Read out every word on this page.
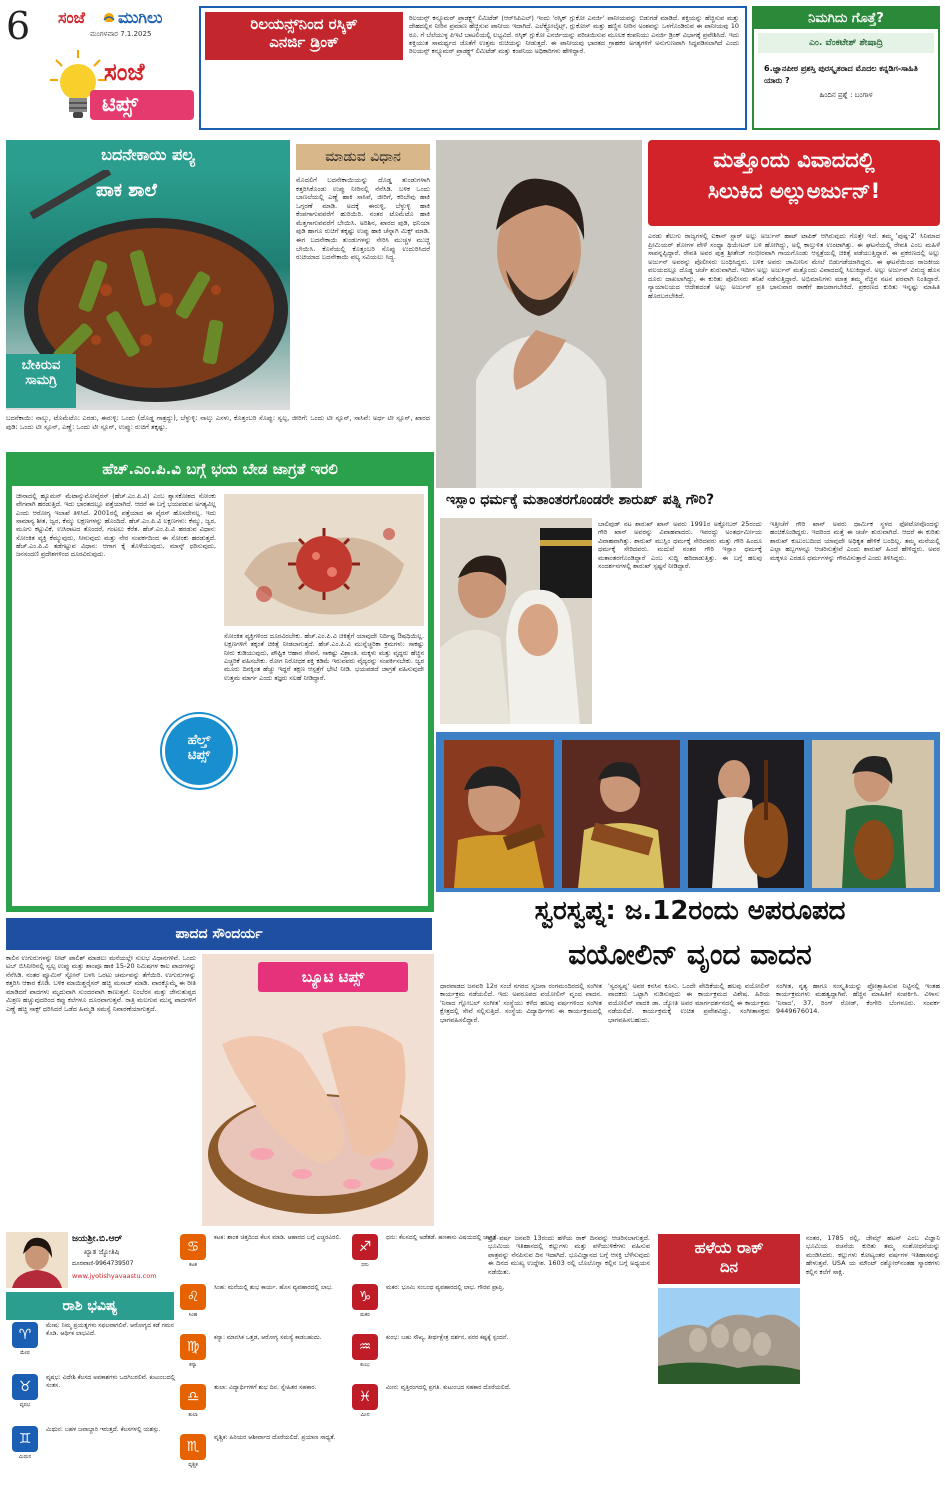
6 ಸಂಜೆ ಮುಗಿಲು
ಮಂಗಳವಾರ 7.1.2025
ಸಂಜೆ
ಟಿಪ್ಸ್
ರಿಲಯನ್ಸ್‌ನಿಂದ ರಸ್ಕಿಕ್
ಎನರ್ಜಿ ಡ್ರಿಂಕ್
ರಿಲಯನ್ಸ್ ಕನ್ಸ್ಯೂಮರ್ ಪ್ರಾಡಕ್ಟ್ಸ್ ಲಿಮಿಟೆಡ್ (ಆರ್‌ಸಿಪಿಎಲ್) ಇಂದು 'ರಸ್ಕಿಕ್ ಗ್ಲುಕೋ ಎನರ್ಜಿ' ಪಾನೀಯವನ್ನು ಬಿಡುಗಡೆ ಮಾಡಿದೆ. ಶಕ್ತಿಯನ್ನು ಹೆಚ್ಚಿಸುವ ಮತ್ತು ದೇಹದಲ್ಲಿನ ನೀರಿನ ಪ್ರಮಾಣ ಹೆಚ್ಚಿಸುವ ಪಾನೀಯ ಇದಾಗಿದೆ. ಎಲೆಕ್ಟ್ರೋಲೈಟ್ಸ್, ಗ್ಲುಕೋಸ್ ಮತ್ತು ಹಣ್ಣಿನ ನೀರಿನ ಅಂಶವನ್ನು ಒಳಗೊಂಡಿರುವ ಈ ಪಾನೀಯವು 10 ರೂ. ಗೆ ಬೆಲೆಯುಳ್ಳ ಪಿಇಟಿ ಬಾಟಲಿಯಲ್ಲಿ ಲಭ್ಯವಿದೆ. ರಸ್ಕಿಕ್ ಗ್ಲುಕೋ ಎನರ್ಜಿಯನ್ನು ಪರಿಚಯಿಸುವ ಮೂಲಕ ಕಂಪನಿಯು ಎನರ್ಜಿ ಡ್ರಿಂಕ್ ವಿಭಾಗಕ್ಕೆ ಪ್ರವೇಶಿಸಿದೆ. ಇದು ಶಕ್ತಿಯುತ ಸಾಮರ್ಥ್ಯದ ಜೊತೆಗೆ ಉತ್ತಮ ರುಚಿಯನ್ನು ನೀಡುತ್ತದೆ. ಈ ಪಾನೀಯವು ಭಾರತದ ಗ್ರಾಹಕರ ಅಗತ್ಯಗಳಿಗೆ ಅನುಗುಣವಾಗಿ ಸಿದ್ಧಪಡಿಸಲಾಗಿದೆ ಎಂದು ರಿಲಯನ್ಸ್ ಕನ್ಸ್ಯೂಮರ್ ಪ್ರಾಡಕ್ಟ್ಸ್ ಲಿಮಿಟೆಡ್ ಮತ್ತು ಕಂಪನಿಯ ಅಧಿಕಾರಿಗಳು ಹೇಳಿದ್ದಾರೆ.
ನಿಮಗಿದು ಗೊತ್ತೆ?
ಎಂ. ವೆಂಕಟೇಶ್ ಶೇಷಾದ್ರಿ
6.ಜ್ಞಾನಪೀಠ ಪ್ರಶಸ್ತಿ ಪುರಸ್ಕೃತರಾದ ಮೊದಲ ಕನ್ನಡಿಗ-ಸಾಹಿತಿ ಯಾರು ?
ಹಿಂದಿನ ಪ್ರಶ್ನೆ : ಬಂಗಾಳ
ಬದನೇಕಾಯಿ ಪಲ್ಯ	ಮಾಡುವ ವಿಧಾನ
ಪಾಕ ಶಾಲೆ
ಬೇಕಿರುವ
ಸಾಮಗ್ರಿ
ಮೊದಲಿಗೆ ಬದನೇಕಾಯಿಯನ್ನು ದೊಡ್ಡ ತುಂಡುಗಳಾಗಿ ಕತ್ತರಿಸಿಕೊಂಡು ಉಪ್ಪು ನೀರಿನಲ್ಲಿ ನೆನೆಸಿಡಿ. ಬಳಿಕ ಒಂದು ಬಾಣಲೆಯಲ್ಲಿ ಎಣ್ಣೆ ಹಾಕಿ ಸಾಸಿವೆ, ಜೀರಿಗೆ, ಕರಿಬೇವು ಹಾಕಿ ಒಗ್ಗರಣೆ ಮಾಡಿ. ಅದಕ್ಕೆ ಈರುಳ್ಳಿ, ಬೆಳ್ಳುಳ್ಳಿ ಹಾಕಿ ಕೆಂಪಗಾಗುವವರೆಗೆ ಹುರಿಯಿರಿ. ನಂತರ ಟೊಮೆಟೊ ಹಾಕಿ ಮೆತ್ತಗಾಗುವವರೆಗೆ ಬೇಯಿಸಿ. ಅರಿಶಿನ, ಖಾರದ ಪುಡಿ, ಧನಿಯಾ ಪುಡಿ ಹಾಗೂ ರುಚಿಗೆ ತಕ್ಕಷ್ಟು ಉಪ್ಪು ಹಾಕಿ ಚೆನ್ನಾಗಿ ಮಿಕ್ಸ್ ಮಾಡಿ. ಈಗ ಬದನೇಕಾಯಿ ತುಂಡುಗಳನ್ನು ಸೇರಿಸಿ ಮುಚ್ಚಳ ಮುಚ್ಚಿ ಬೇಯಿಸಿ. ಕೊನೆಯಲ್ಲಿ ಕೊತ್ತಂಬರಿ ಸೊಪ್ಪು ಉದುರಿಸಿದರೆ ರುಚಿಯಾದ ಬದನೇಕಾಯಿ ಪಲ್ಯ ಸವಿಯಲು ಸಿದ್ಧ.
ಬದನೆಕಾಯಿ: ನಾಲ್ಕು, ಟೊಮೆಟೊ: ಎರಡು, ಈರುಳ್ಳಿ: ಒಂದು (ದೊಡ್ಡ ಗಾತ್ರದ್ದು), ಬೆಳ್ಳುಳ್ಳಿ: ನಾಲ್ಕು ಎಸಳು, ಕೊತ್ತಂಬರಿ ಸೊಪ್ಪು: ಸ್ವಲ್ಪ, ಜೀರಿಗೆ: ಒಂದು ಟೀ ಸ್ಪೂನ್, ಸಾಸಿವೆ: ಅರ್ಧ ಟೀ ಸ್ಪೂನ್, ಖಾರದ ಪುಡಿ: ಒಂದು ಟೀ ಸ್ಪೂನ್, ಎಣ್ಣೆ: ಒಂದು ಟೀ ಸ್ಪೂನ್, ಉಪ್ಪು: ರುಚಿಗೆ ತಕ್ಕಷ್ಟು.
ಮತ್ತೊಂದು ವಿವಾದದಲ್ಲಿ
ಸಿಲುಕಿದ ಅಲ್ಲುಅರ್ಜುನ್!
ಎರಡು ತೆಲುಗು ರಾಜ್ಯಗಳಲ್ಲಿ ಐಕಾನ್ ಸ್ಟಾರ್ ಅಲ್ಲು ಅರ್ಜುನ್ ಹಾಟ್ ಟಾಪಿಕ್ ಆಗಿರುವುದು ಗೊತ್ತೇ ಇದೆ. ತಮ್ಮ 'ಪುಷ್ಪ-2' ಸಿನಿಮಾದ ಪ್ರೀಮಿಯರ್ ಶೋಗಳ ವೇಳೆ ಸಂಧ್ಯಾ ಥಿಯೇಟರ್ ಬಳಿ ಹೋಗಿದ್ದು, ಅಲ್ಲಿ ಕಾಲ್ತುಳಿತ ಉಂಟಾಗಿತ್ತು. ಈ ಘಟನೆಯಲ್ಲಿ ರೇವತಿ ಎಂಬ ಮಹಿಳೆ ಸಾವನ್ನಪ್ಪಿದ್ದಾರೆ. ರೇವತಿ ಅವರ ಪುತ್ರ ಶ್ರೀತೇಜ್ ಗಂಭೀರವಾಗಿ ಗಾಯಗೊಂಡು ಆಸ್ಪತ್ರೆಯಲ್ಲಿ ಚಿಕಿತ್ಸೆ ಪಡೆಯುತ್ತಿದ್ದಾರೆ. ಈ ಪ್ರಕರಣದಲ್ಲಿ ಅಲ್ಲು ಅರ್ಜುನ್ ಅವರನ್ನು ಪೊಲೀಸರು ಬಂಧಿಸಿದ್ದರು. ಬಳಿಕ ಅವರು ಜಾಮೀನಿನ ಮೇಲೆ ಬಿಡುಗಡೆಯಾಗಿದ್ದರು. ಈ ಘಟನೆಯಿಂದ ರಾಜಕೀಯ ವಲಯದಲ್ಲೂ ದೊಡ್ಡ ಚರ್ಚೆ ಶುರುವಾಗಿದೆ. ಇದೀಗ ಅಲ್ಲು ಅರ್ಜುನ್ ಮತ್ತೊಂದು ವಿವಾದದಲ್ಲಿ ಸಿಲುಕಿದ್ದಾರೆ. ಅಲ್ಲು ಅರ್ಜುನ್ ವಿರುದ್ಧ ಹೊಸ ದೂರು ದಾಖಲಾಗಿದ್ದು, ಈ ಕುರಿತು ಪೊಲೀಸರು ತನಿಖೆ ನಡೆಸುತ್ತಿದ್ದಾರೆ. ಅಭಿಮಾನಿಗಳು ಮಾತ್ರ ತಮ್ಮ ನೆಚ್ಚಿನ ನಟನ ಪರವಾಗಿ ನಿಂತಿದ್ದಾರೆ. ನ್ಯಾಯಾಲಯದ ಆದೇಶದಂತೆ ಅಲ್ಲು ಅರ್ಜುನ್ ಪ್ರತಿ ಭಾನುವಾರ ಠಾಣೆಗೆ ಹಾಜರಾಗಬೇಕಿದೆ. ಪ್ರಕರಣದ ಕುರಿತು ಇನ್ನಷ್ಟು ಮಾಹಿತಿ ಹೊರಬರಬೇಕಿದೆ.
ಹೆಚ್.ಎಂ.ಪಿ.ವಿ ಬಗ್ಗೆ ಭಯ ಬೇಡ ಜಾಗ್ರತೆ ಇರಲಿ
ಚೀನಾದಲ್ಲಿ ಹ್ಯೂಮನ್ ಮೆಟಾನ್ಯುಮೋವೈರಸ್ (ಹೆಚ್.ಎಂ.ಪಿ.ವಿ) ಎಂಬ ಶ್ವಾಸಕೋಶದ ಸೋಂಕು ವೇಗವಾಗಿ ಹರಡುತ್ತಿದೆ. ಇದು ಭಾರತದಲ್ಲೂ ಪತ್ತೆಯಾಗಿದೆ. ಆದರೆ ಈ ಬಗ್ಗೆ ಭಯಪಡುವ ಅಗತ್ಯವಿಲ್ಲ ಎಂದು ಆರೋಗ್ಯ ಇಲಾಖೆ ತಿಳಿಸಿದೆ. 2001ರಲ್ಲಿ ಪತ್ತೆಯಾದ ಈ ವೈರಸ್ ಹೊಸದೇನಲ್ಲ. ಇದು ಸಾಮಾನ್ಯ ಶೀತ, ಜ್ವರ, ಕೆಮ್ಮು ಲಕ್ಷಣಗಳನ್ನು ಹೊಂದಿದೆ. ಹೆಚ್.ಎಂ.ಪಿ.ವಿ ಲಕ್ಷಣಗಳು: ಕೆಮ್ಮು, ಜ್ವರ, ಮೂಗು ಕಟ್ಟುವಿಕೆ, ಉಸಿರಾಟದ ತೊಂದರೆ, ಗಂಟಲು ಕೆರೆತ. ಹೆಚ್.ಎಂ.ಪಿ.ವಿ ಹರಡುವ ವಿಧಾನ: ಸೋಂಕಿತ ವ್ಯಕ್ತಿ ಕೆಮ್ಮುವುದು, ಸೀನುವುದು ಮತ್ತು ನೇರ ಸಂಪರ್ಕದಿಂದ ಈ ಸೋಂಕು ಹರಡುತ್ತದೆ. ಹೆಚ್.ಎಂ.ಪಿ.ವಿ ತಡೆಗಟ್ಟುವ ವಿಧಾನ: ಆಗಾಗ ಕೈ ತೊಳೆಯುವುದು, ಮಾಸ್ಕ್ ಧರಿಸುವುದು, ಜನಸಂದಣಿ ಪ್ರದೇಶಗಳಿಂದ ದೂರವಿರುವುದು.
ಸೋಂಕಿತ ವ್ಯಕ್ತಿಗಳಿಂದ ದೂರವಿರಬೇಕು. ಹೆಚ್.ಎಂ.ಪಿ.ವಿ ಚಿಕಿತ್ಸೆಗೆ ಯಾವುದೇ ನಿರ್ದಿಷ್ಟ ಔಷಧಿಯಿಲ್ಲ. ಲಕ್ಷಣಗಳಿಗೆ ತಕ್ಕಂತೆ ಚಿಕಿತ್ಸೆ ನೀಡಲಾಗುತ್ತದೆ. ಹೆಚ್.ಎಂ.ಪಿ.ವಿ ಮುನ್ನೆಚ್ಚರಿಕಾ ಕ್ರಮಗಳು: ಸಾಕಷ್ಟು ನೀರು ಕುಡಿಯುವುದು, ಪೌಷ್ಟಿಕ ಆಹಾರ ಸೇವನೆ, ಸಾಕಷ್ಟು ವಿಶ್ರಾಂತಿ. ಮಕ್ಕಳು ಮತ್ತು ವೃದ್ಧರು ಹೆಚ್ಚಿನ ಎಚ್ಚರಿಕೆ ವಹಿಸಬೇಕು. ರೋಗ ನಿರೋಧಕ ಶಕ್ತಿ ಕಡಿಮೆ ಇರುವವರು ವೈದ್ಯರನ್ನು ಸಂಪರ್ಕಿಸಬೇಕು. ಜ್ವರ ಮೂರು ದಿನಕ್ಕಿಂತ ಹೆಚ್ಚು ಇದ್ದರೆ ತಕ್ಷಣ ಆಸ್ಪತ್ರೆಗೆ ಭೇಟಿ ನೀಡಿ. ಭಯಪಡದೆ ಜಾಗ್ರತೆ ವಹಿಸುವುದೇ ಉತ್ತಮ ಮಾರ್ಗ ಎಂದು ತಜ್ಞರು ಸಲಹೆ ನೀಡಿದ್ದಾರೆ.
ಹೆಲ್ತ್
ಟಿಪ್ಸ್
ಇಸ್ಲಾಂ ಧರ್ಮಕ್ಕೆ ಮತಾಂತರಗೊಂಡರೇ ಶಾರುಖ್ ಪತ್ನಿ ಗೌರಿ?
ಬಾಲಿವುಡ್ ನಟ ಶಾರುಖ್ ಖಾನ್ ಅವರು 1991ರ ಅಕ್ಟೋಬರ್ 25ರಂದು ಗೌರಿ ಖಾನ್ ಅವರನ್ನು ವಿವಾಹವಾದರು. ಇವರದ್ದು ಅಂತರ್ಧರ್ಮೀಯ ವಿವಾಹವಾಗಿತ್ತು. ಶಾರುಖ್ ಮುಸ್ಲಿಂ ಧರ್ಮಕ್ಕೆ ಸೇರಿದವರು ಮತ್ತು ಗೌರಿ ಹಿಂದೂ ಧರ್ಮಕ್ಕೆ ಸೇರಿದವರು. ಮದುವೆ ನಂತರ ಗೌರಿ ಇಸ್ಲಾಂ ಧರ್ಮಕ್ಕೆ ಮತಾಂತರಗೊಂಡಿದ್ದಾರೆ ಎಂಬ ಸುದ್ದಿ ಹರಿದಾಡುತ್ತಿತ್ತು. ಈ ಬಗ್ಗೆ ಹಲವು ಸಂದರ್ಶನಗಳಲ್ಲಿ ಶಾರುಖ್ ಸ್ಪಷ್ಟನೆ ನೀಡಿದ್ದಾರೆ.
ಇತ್ತೀಚೆಗೆ ಗೌರಿ ಖಾನ್ ಅವರು ಧಾರ್ಮಿಕ ಸ್ಥಳದ ಫೋಟೋವೊಂದನ್ನು ಹಂಚಿಕೊಂಡಿದ್ದರು. ಇದರಿಂದ ಮತ್ತೆ ಈ ಚರ್ಚೆ ಶುರುವಾಗಿದೆ. ಆದರೆ ಈ ಕುರಿತು ಶಾರುಖ್ ಕುಟುಂಬದಿಂದ ಯಾವುದೇ ಅಧಿಕೃತ ಹೇಳಿಕೆ ಬಂದಿಲ್ಲ. ತಮ್ಮ ಮನೆಯಲ್ಲಿ ಎಲ್ಲಾ ಹಬ್ಬಗಳನ್ನೂ ಆಚರಿಸುತ್ತೇವೆ ಎಂದು ಶಾರುಖ್ ಹಿಂದೆ ಹೇಳಿದ್ದರು. ಅವರ ಮಕ್ಕಳೂ ಎರಡೂ ಧರ್ಮಗಳನ್ನು ಗೌರವಿಸುತ್ತಾರೆ ಎಂದು ತಿಳಿಸಿದ್ದರು.
ಸ್ವರಸ್ವಪ್ನ: ಜ.12ರಂದು ಅಪರೂಪದ
ವಯೋಲಿನ್ ವೃಂದ ವಾದನ
ಧಾರವಾಡದ ಜನವರಿ 12ರ ಸಂಜೆ ನಗರದ ಸೃಜನಾ ರಂಗಮಂದಿರದಲ್ಲಿ ಸಂಗೀತ ಕಾರ್ಯಕ್ರಮ ನಡೆಯಲಿದೆ. ಇದು ಅಪರೂಪದ ವಯೋಲಿನ್ ವೃಂದ ವಾದನ. 'ನಿನಾದ ಗ್ಲೋಬಲ್ ಸಂಗೀತ' ಸಂಸ್ಥೆಯು ಕಳೆದ ಹಲವು ವರ್ಷಗಳಿಂದ ಸಂಗೀತ ಕ್ಷೇತ್ರದಲ್ಲಿ ಸೇವೆ ಸಲ್ಲಿಸುತ್ತಿದೆ. ಸಂಸ್ಥೆಯ ವಿದ್ಯಾರ್ಥಿಗಳು ಈ ಕಾರ್ಯಕ್ರಮದಲ್ಲಿ ಭಾಗವಹಿಸಲಿದ್ದಾರೆ.
'ಸ್ವರಸ್ವಪ್ನ' ಅವರ ಕನಸಿನ ಕೂಸು. ಒಂದೇ ವೇದಿಕೆಯಲ್ಲಿ ಹಲವು ವಯೋಲಿನ್ ವಾದಕರು ಒಟ್ಟಾಗಿ ನುಡಿಸುವುದು ಈ ಕಾರ್ಯಕ್ರಮದ ವಿಶೇಷ. ಹಿರಿಯ ವಯೋಲಿನ್ ವಾದಕಿ ಡಾ. ಜ್ಯೋತಿ ಅವರ ಮಾರ್ಗದರ್ಶನದಲ್ಲಿ ಈ ಕಾರ್ಯಕ್ರಮ ನಡೆಯಲಿದೆ. ಕಾರ್ಯಕ್ರಮಕ್ಕೆ ಉಚಿತ ಪ್ರವೇಶವಿದ್ದು, ಸಂಗೀತಾಸಕ್ತರು ಭಾಗವಹಿಸಬಹುದು.
ಸಂಗೀತ, ನೃತ್ಯ ಹಾಗೂ ಸಂಸ್ಕೃತಿಯನ್ನು ಪ್ರೋತ್ಸಾಹಿಸುವ ನಿಟ್ಟಿನಲ್ಲಿ ಇಂತಹ ಕಾರ್ಯಕ್ರಮಗಳು ಮಹತ್ವದ್ದಾಗಿವೆ. ಹೆಚ್ಚಿನ ಮಾಹಿತಿಗೆ ಸಂಪರ್ಕಿಸಿ. ವಿಳಾಸ: 'ನಿನಾದ', 37, ರಿಂಗ್ ರೋಡ್, ಕೆಂಗೇರಿ ಬೆಂಗಳೂರು. ಸಂಪರ್ಕ 9449676014.
ಪಾದದ ಸೌಂದರ್ಯ
ಕಾಲಿನ ಉಗುರುಗಳನ್ನು ನೀಟ್ ಪಾಲಿಶ್ ಮಾಡಲು ಮನೆಯಲ್ಲೇ ಸುಲಭ ವಿಧಾನಗಳಿವೆ. ಒಂದು ಟಬ್ ಬಿಸಿನೀರಿನಲ್ಲಿ ಸ್ವಲ್ಪ ಉಪ್ಪು ಮತ್ತು ಶಾಂಪೂ ಹಾಕಿ 15-20 ನಿಮಿಷಗಳ ಕಾಲ ಪಾದಗಳನ್ನು ನೆನೆಸಿಡಿ. ನಂತರ ಪ್ಯೂಮಿಸ್ ಸ್ಟೋನ್ ಬಳಸಿ ಒರಟು ಚರ್ಮವನ್ನು ತೆಗೆಯಿರಿ. ಉಗುರುಗಳನ್ನು ಕತ್ತರಿಸಿ ಆಕಾರ ಕೊಡಿ. ಬಳಿಕ ಮಾಯಿಶ್ಚರೈಸರ್ ಹಚ್ಚಿ ಮಸಾಜ್ ಮಾಡಿ. ವಾರಕ್ಕೊಮ್ಮೆ ಈ ರೀತಿ ಮಾಡಿದರೆ ಪಾದಗಳು ಮೃದುವಾಗಿ ಸುಂದರವಾಗಿ ಕಾಣುತ್ತವೆ. ನಿಂಬೆರಸ ಮತ್ತು ಜೇನುತುಪ್ಪದ ಮಿಶ್ರಣ ಹಚ್ಚುವುದರಿಂದ ಕಪ್ಪು ಕಲೆಗಳೂ ದೂರವಾಗುತ್ತವೆ. ರಾತ್ರಿ ಮಲಗುವ ಮುನ್ನ ಪಾದಗಳಿಗೆ ಎಣ್ಣೆ ಹಚ್ಚಿ ಸಾಕ್ಸ್ ಧರಿಸಿದರೆ ಒಡೆದ ಹಿಮ್ಮಡಿ ಸಮಸ್ಯೆ ನಿವಾರಣೆಯಾಗುತ್ತದೆ.
ಬ್ಯೂಟಿ ಟಿಪ್ಸ್
ಜಯಶ್ರೀ.ಬಿ.ಆರ್
ಖ್ಯಾತ ಜ್ಯೋತಿಷಿ
ದೂರವಾಣಿ-9964739507
www.jyotishyavaastu.com
ರಾಶಿ ಭವಿಷ್ಯ
♈
ಮೇಷ
ಮೇಷ: ನಿಮ್ಮ ಪ್ರಯತ್ನಗಳು ಸಫಲವಾಗಲಿವೆ. ಆರೋಗ್ಯದ ಕಡೆ ಗಮನ ಕೊಡಿ. ಆರ್ಥಿಕ ಲಾಭವಿದೆ.
♉
ವೃಷಭ
ವೃಷಭ: ವಿದೇಶಿ ಕೆಲಸದ ಅವಕಾಶಗಳು ಒದಗಿಬರಲಿವೆ. ಕುಟುಂಬದಲ್ಲಿ ಸಂತಸ.
♊
ಮಿಥುನ
ಮಿಥುನ: ಬಹಳ ಜವಾಬ್ದಾರಿ ಇರುತ್ತದೆ. ಕೆಲಸಗಳಲ್ಲಿ ಯಶಸ್ಸು.
♋
ಕಟಕ
ಕಟಕ: ಶಾಂತ ಚಿತ್ತದಿಂದ ಕೆಲಸ ಮಾಡಿ. ಆಹಾರದ ಬಗ್ಗೆ ಎಚ್ಚರವಿರಲಿ.
♌
ಸಿಂಹ
ಸಿಂಹ: ಮನೆಯಲ್ಲಿ ಶುಭ ಕಾರ್ಯ. ಹೊಸ ವ್ಯವಹಾರದಲ್ಲಿ ಲಾಭ.
♍
ಕನ್ಯಾ
ಕನ್ಯಾ: ಮಾನಸಿಕ ಒತ್ತಡ, ಆರೋಗ್ಯ ಸಮಸ್ಯೆ ಕಾಡಬಹುದು.
♎
ತುಲಾ
ತುಲಾ: ವಿದ್ಯಾರ್ಥಿಗಳಿಗೆ ಶುಭ ದಿನ. ಸ್ನೇಹಿತರ ಸಹಕಾರ.
♏
ವೃಶ್ಚಿಕ
ವೃಶ್ಚಿಕ: ಹಿರಿಯರ ಆಶೀರ್ವಾದ ದೊರೆಯಲಿದೆ. ಪ್ರಯಾಣ ಸಾಧ್ಯತೆ.
♐
ಧನು
ಧನು: ಕೆಲಸದಲ್ಲಿ ಅಡೆತಡೆ. ಹಣಕಾಸು ವಿಷಯದಲ್ಲಿ ಜಾಗ್ರತೆ.
♑
ಮಕರ
ಮಕರ: ಭೂಮಿ ಸಂಬಂಧ ವ್ಯವಹಾರದಲ್ಲಿ ಲಾಭ. ಗೌರವ ಪ್ರಾಪ್ತಿ.
♒
ಕುಂಭ
ಕುಂಭ: ಬಹು ಸೌಖ್ಯ, ತೀರ್ಥಕ್ಷೇತ್ರ ದರ್ಶನ, ಪರರ ಕಷ್ಟಕ್ಕೆ ಸ್ಪಂದನೆ.
♓
ಮೀನ
ಮೀನ: ವೃತ್ತಿರಂಗದಲ್ಲಿ ಪ್ರಗತಿ. ಕುಟುಂಬದ ಸಹಕಾರ ದೊರೆಯಲಿದೆ.
ಪ್ರತಿ ವರ್ಷ ಜನವರಿ 13ರಂದು ಹಳೆಯ ರಾಕ್ ದಿನವನ್ನು ಆಚರಿಸಲಾಗುತ್ತದೆ. ಭೂಮಿಯ ಇತಿಹಾಸದಲ್ಲಿ ಕಲ್ಲುಗಳು ಮತ್ತು ಪಳೆಯುಳಿಕೆಗಳು ವಹಿಸುವ ಪಾತ್ರವನ್ನು ನೆನಪಿಸುವ ದಿನ ಇದಾಗಿದೆ. ಭೂವಿಜ್ಞಾನದ ಬಗ್ಗೆ ಆಸಕ್ತಿ ಬೆಳೆಸುವುದು ಈ ದಿನದ ಮುಖ್ಯ ಉದ್ದೇಶ. 1603 ರಲ್ಲಿ ಬೊಲೊಗ್ನಾ ಕಲ್ಲಿನ ಬಗ್ಗೆ ಅಧ್ಯಯನ ನಡೆಯಿತು.
ಹಳೆಯ ರಾಕ್
ದಿನ
ನಂತರ, 1785 ರಲ್ಲಿ, ಜೇಮ್ಸ್ ಹಟನ್ ಎಂಬ ವಿಜ್ಞಾನಿ ಭೂಮಿಯ ರಚನೆಯ ಕುರಿತು ತಮ್ಮ ಸಂಶೋಧನೆಯನ್ನು ಮಂಡಿಸಿದರು. ಕಲ್ಲುಗಳು ಕೋಟ್ಯಂತರ ವರ್ಷಗಳ ಇತಿಹಾಸವನ್ನು ಹೇಳುತ್ತವೆ. USA ಯ ಮೌಂಟ್ ರಶ್ಮೋರ್‌ನಂತಹ ಸ್ಮಾರಕಗಳು ಕಲ್ಲಿನ ಕಲೆಗೆ ಸಾಕ್ಷಿ.
